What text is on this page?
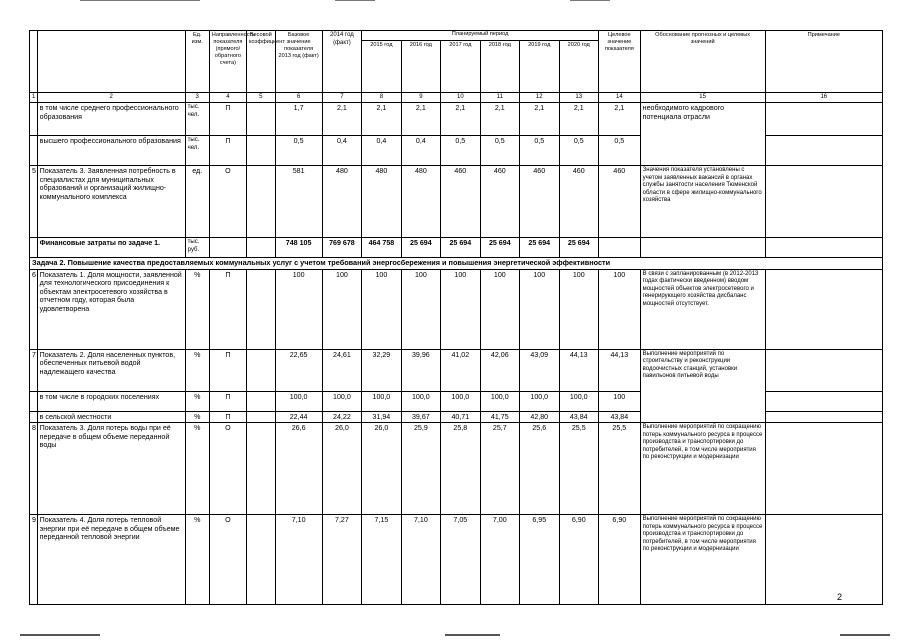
		Ед. изм.	Направленность показателя (прямого/обратного счета)	Весовой коэффициент	Базовое значение показателя 2013 год (факт)	2014 год (факт)	Планируемый период						Целевое значение показателя	Обоснование прогнозных и целевых значений	Примечание
							2015 год	2016 год	2017 год	2018 год	2019 год	2020 год			
1	2	3	4	5	6	7	8	9	10	11	12	13	14	15	16
	в том числе среднего профессионального образования	тыс. чел.	П		1,7	2,1	2,1	2,1	2,1	2,1	2,1	2,1	2,1	необходимого кадрового потенциала отрасли	
	высшего профессионального образования	тыс. чел.	П		0,5	0,4	0,4	0,4	0,5	0,5	0,5	0,5	0,5		
5	Показатель 3. Заявленная потребность в специалистах для муниципальных образований и организаций жилищно-коммунального комплекса	ед.	О		581	480	480	480	460	460	460	460	460	Значения показателя установлены с учетом заявленных вакансий в органах службы занятости населения Тюменской области в сфере жилищно-коммунального хозяйства	
	Финансовые затраты по задаче 1.	тыс. руб.			748 105	769 678	464 758	25 694	25 694	25 694	25 694	25 694			
Задача 2. Повышение качества предоставляемых коммунальных услуг с учетом требований энергосбережения и повышения энергетической эффективности															
6	Показатель 1. Доля мощности, заявленной для технологического присоединения к объектам электросетевого хозяйства в отчетном году, которая была удовлетворена	%	П		100	100	100	100	100	100	100	100	100	В связи с запланированным (в 2012-2013 годах фактически введенном) вводом мощностей объектов электросетевого и генерирующего хозяйства дисбаланс мощностей отсутствует.	
7	Показатель 2. Доля населенных пунктов, обеспеченных питьевой водой надлежащего качества	%	П		22,65	24,61	32,29	39,96	41,02	42,06	43,09	44,13	44,13	Выполнение мероприятий по строительству и реконструкции водоочистных станций, установки павильонов питьевой воды	
	в том числе в городских поселениях	%	П		100,0	100,0	100,0	100,0	100,0	100,0	100,0	100,0	100		
	в сельской местности	%	П		22,44	24,22	31,94	39,67	40,71	41,75	42,80	43,84	43,84		
8	Показатель 3. Доля потерь воды при её передаче в общем объеме переданной воды	%	О		26,6	26,0	26,0	25,9	25,8	25,7	25,6	25,5	25,5	Выполнение мероприятий по сокращению потерь коммунального ресурса в процессе производства и транспортировки до потребителей, в том числе мероприятия по реконструкции и модернизации	
9	Показатель 4. Доля потерь тепловой энергии при её передаче в общем объеме переданной тепловой энергии	%	О		7,10	7,27	7,15	7,10	7,05	7,00	6,95	6,90	6,90	Выполнение мероприятий по сокращению потерь коммунального ресурса в процессе производства и транспортировки до потребителей, в том числе мероприятия по реконструкции и модернизации	
2
